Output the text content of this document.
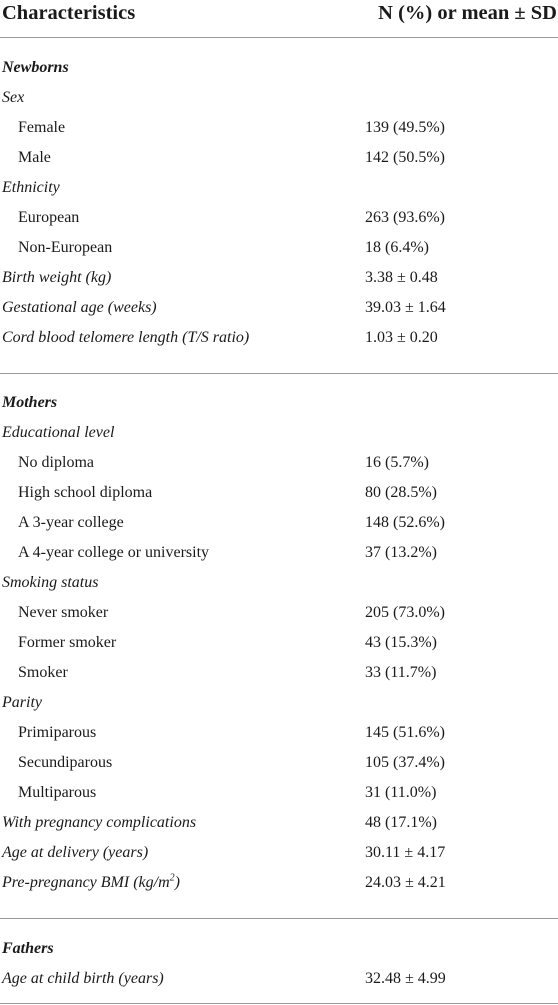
Characteristics	N (%) or mean ± SD
Newborns
Sex
Female	139 (49.5%)
Male	142 (50.5%)
Ethnicity
European	263 (93.6%)
Non-European	18 (6.4%)
Birth weight (kg)	3.38 ± 0.48
Gestational age (weeks)	39.03 ± 1.64
Cord blood telomere length (T/S ratio)	1.03 ± 0.20
Mothers
Educational level
No diploma	16 (5.7%)
High school diploma	80 (28.5%)
A 3-year college	148 (52.6%)
A 4-year college or university	37 (13.2%)
Smoking status
Never smoker	205 (73.0%)
Former smoker	43 (15.3%)
Smoker	33 (11.7%)
Parity
Primiparous	145 (51.6%)
Secundiparous	105 (37.4%)
Multiparous	31 (11.0%)
With pregnancy complications	48 (17.1%)
Age at delivery (years)	30.11 ± 4.17
Pre-pregnancy BMI $(kg/m^2)$	24.03 ± 4.21
Fathers
Age at child birth (years)	32.48 ± 4.99
